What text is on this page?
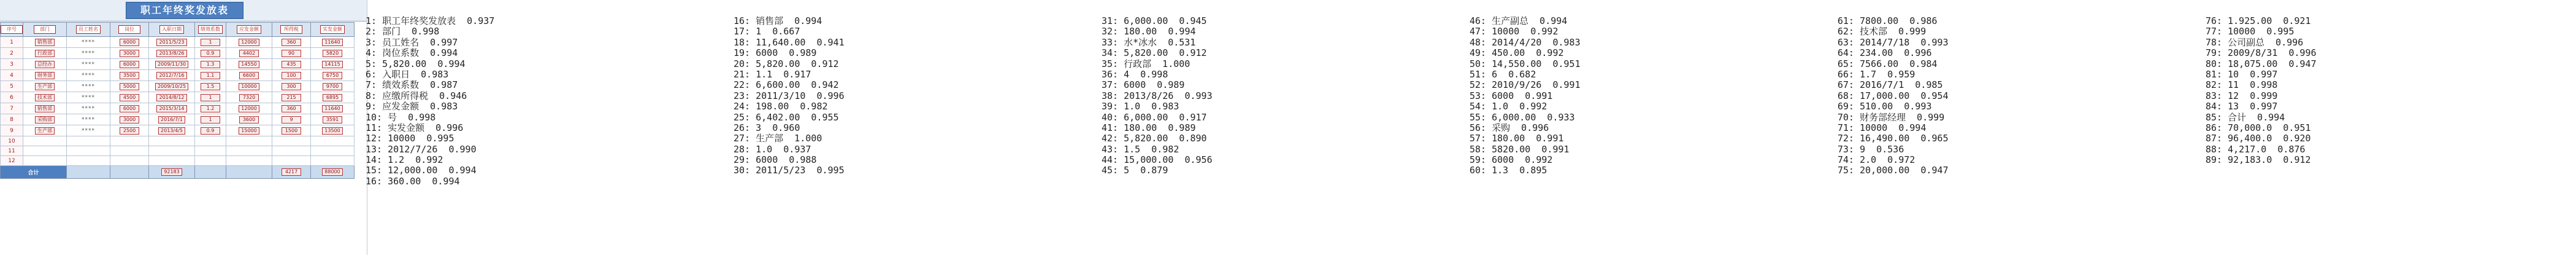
职工年终奖发放表
序号	部门	员工姓名	岗位	入职日期	绩效系数	应发金额	所得税	实发金额
1	销售部	****	6000	2011/5/23	1	12000	360	11640
2	行政部	****	3000	2013/8/26	0.9	4402	90	5820
3	总经办	****	6000	2009/11/30	1.3	14550	435	14115
4	财务部	****	3500	2012/7/16	1.1	6600	100	6750
5	生产部	****	5000	2009/10/25	1.5	10000	300	9700
6	技术部	****	4500	2014/8/12	1	7320	215	6895
7	销售部	****	6000	2015/3/14	1.2	12000	360	11640
8	采购部	****	3000	2016/7/1	1	3600	9	3591
9	生产部	****	2500	2013/4/5	0.9	15000	1500	13500
10								
11								
12								
合计				92183			4217	88000
1: 职工年终奖发放表  0.937
2: 部门  0.998
3: 员工姓名  0.997
4: 岗位系数  0.994
5: 5,820.00  0.994
6: 入职日  0.983
7: 绩效系数  0.987
8: 应缴所得税  0.946
9: 应发金额  0.983
10: 号  0.998
11: 实发金额  0.996
12: 10000  0.995
13: 2012/7/26  0.990
14: 1.2  0.992
15: 12,000.00  0.994
16: 360.00  0.994
16: 销售部  0.994
17: 1  0.667
18: 11,640.00  0.941
19: 6000  0.989
20: 5,820.00  0.912
21: 1.1  0.917
22: 6,600.00  0.942
23: 2011/3/10  0.996
24: 198.00  0.982
25: 6,402.00  0.955
26: 3  0.960
27: 生产部  1.000
28: 1.0  0.937
29: 6000  0.988
30: 2011/5/23  0.995
31: 6,000.00  0.945
32: 180.00  0.994
33: 水*冰水  0.531
34: 5,820.00  0.912
35: 行政部  1.000
36: 4  0.998
37: 6000  0.989
38: 2013/8/26  0.993
39: 1.0  0.983
40: 6,000.00  0.917
41: 180.00  0.989
42: 5,820.00  0.890
43: 1.5  0.982
44: 15,000.00  0.956
45: 5  0.879
46: 生产副总  0.994
47: 10000  0.992
48: 2014/4/20  0.983
49: 450.00  0.992
50: 14,550.00  0.951
51: 6  0.682
52: 2010/9/26  0.991
53: 6000  0.991
54: 1.0  0.992
55: 6,000.00  0.933
56: 采购  0.996
57: 180.00  0.991
58: 5820.00  0.991
59: 6000  0.992
60: 1.3  0.895
61: 7800.00  0.986
62: 技术部  0.999
63: 2014/7/18  0.993
64: 234.00  0.996
65: 7566.00  0.984
66: 1.7  0.959
67: 2016/7/1  0.985
68: 17,000.00  0.954
69: 510.00  0.993
70: 财务部经理  0.999
71: 10000  0.994
72: 16,490.00  0.965
73: 9  0.536
74: 2.0  0.972
75: 20,000.00  0.947
76: 1.925.00  0.921
77: 10000  0.995
78: 公司副总  0.996
79: 2009/8/31  0.996
80: 18,075.00  0.947
81: 10  0.997
82: 11  0.998
83: 12  0.999
84: 13  0.997
85: 合计  0.994
86: 70,000.0  0.951
87: 96,400.0  0.920
88: 4,217.0  0.876
89: 92,183.0  0.912
